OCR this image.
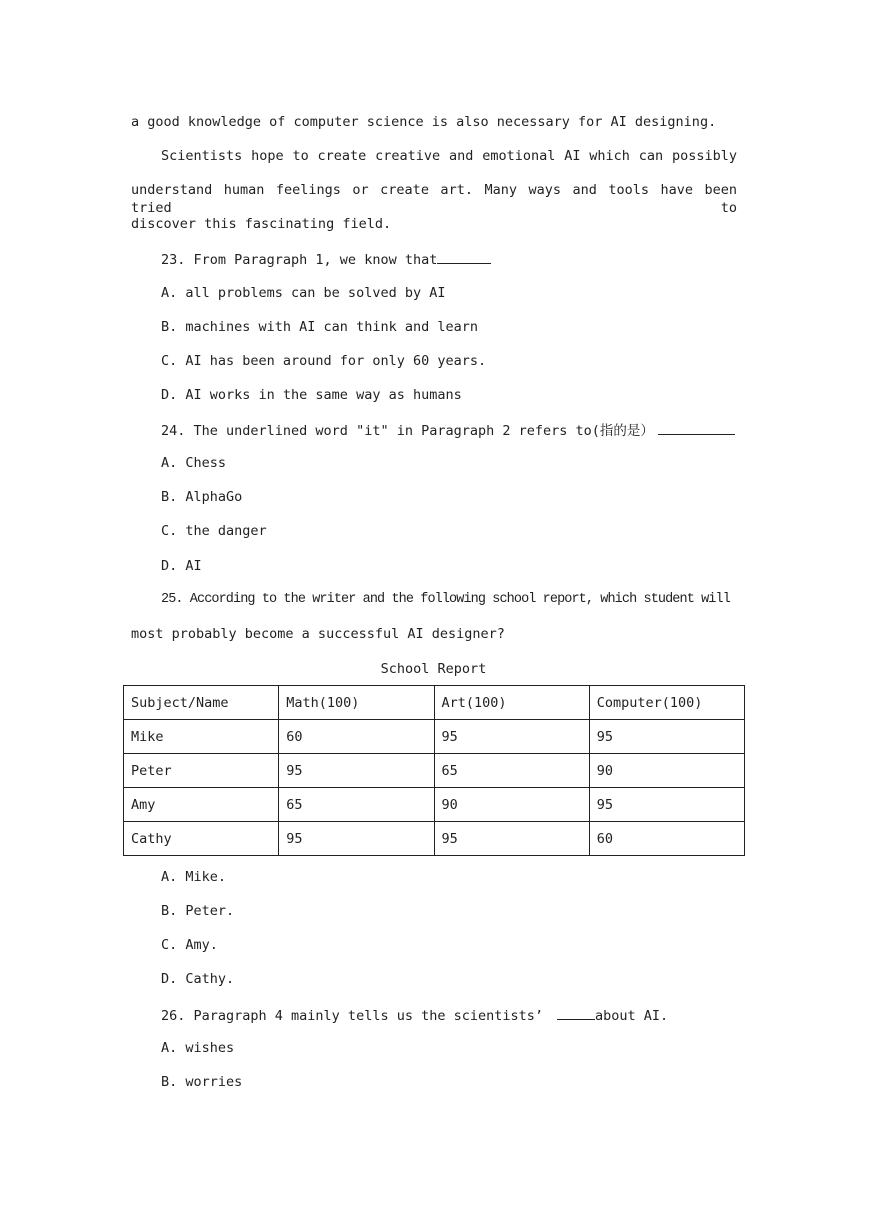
a good knowledge of computer science is also necessary for AI designing.
Scientists hope to create creative and emotional AI which can possibly
understand human feelings or create art. Many ways and tools have been tried to
discover this fascinating field.
23. From Paragraph 1, we know that
A. all problems can be solved by AI
B. machines with AI can think and learn
C. AI has been around for only 60 years.
D. AI works in the same way as humans
24. The underlined word "it" in Paragraph 2 refers to(指的是）
A. Chess
B. AlphaGo
C. the danger
D. AI
25. According to the writer and the following school report, which student will
most probably become a successful AI designer?
School Report
Subject/Name	Math(100)	Art(100)	Computer(100)
Mike	60	95	95
Peter	95	65	90
Amy	65	90	95
Cathy	95	95	60
A. Mike.
B. Peter.
C. Amy.
D. Cathy.
26. Paragraph 4 mainly tells us the scientists’	about AI.
A. wishes
B. worries
